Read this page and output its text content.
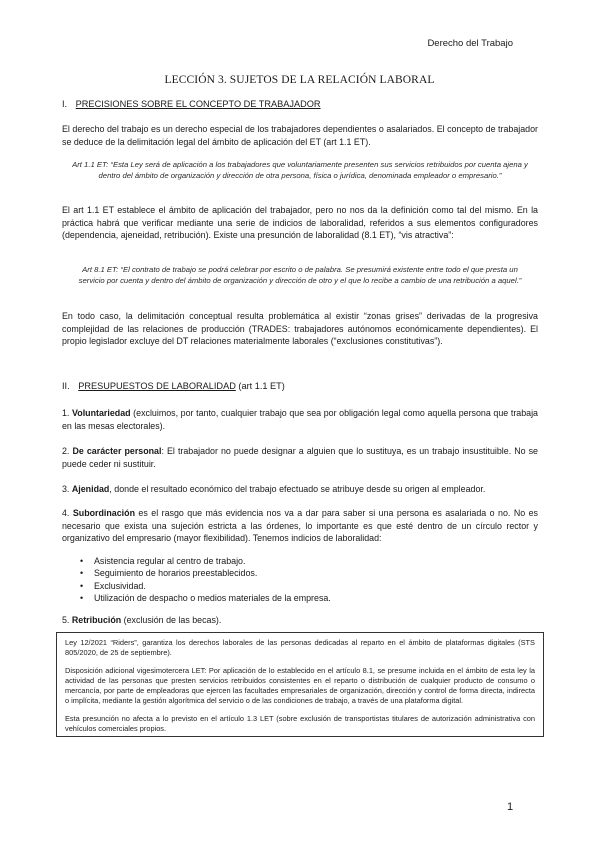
Derecho del Trabajo
LECCIÓN 3. SUJETOS DE LA RELACIÓN LABORAL
I. PRECISIONES SOBRE EL CONCEPTO DE TRABAJADOR

El derecho del trabajo es un derecho especial de los trabajadores dependientes o asalariados. El concepto de trabajador se deduce de la delimitación legal del ámbito de aplicación del ET (art 1.1 ET).

Art 1.1 ET: “Esta Ley será de aplicación a los trabajadores que voluntariamente presenten sus servicios retribuidos por cuenta ajena y dentro del ámbito de organización y dirección de otra persona, física o jurídica, denominada empleador o empresario.”

El art 1.1 ET establece el ámbito de aplicación del trabajador, pero no nos da la definición como tal del mismo. En la práctica habrá que verificar mediante una serie de indicios de laboralidad, referidos a sus elementos configuradores (dependencia, ajeneidad, retribución). Existe una presunción de laboralidad (8.1 ET), “vis atractiva”:

Art 8.1 ET: “El contrato de trabajo se podrá celebrar por escrito o de palabra. Se presumirá existente entre todo el que presta un servicio por cuenta y dentro del ámbito de organización y dirección de otro y el que lo recibe a cambio de una retribución a aquel.”

En todo caso, la delimitación conceptual resulta problemática al existir “zonas grises” derivadas de la progresiva complejidad de las relaciones de producción (TRADES: trabajadores autónomos económicamente dependientes). El propio legislador excluye del DT relaciones materialmente laborales (“exclusiones constitutivas”).

II. PRESUPUESTOS DE LABORALIDAD (art 1.1 ET)

1. Voluntariedad (excluimos, por tanto, cualquier trabajo que sea por obligación legal como aquella persona que trabaja en las mesas electorales).

2. De carácter personal: El trabajador no puede designar a alguien que lo sustituya, es un trabajo insustituible. No se puede ceder ni sustituir.

3. Ajenidad, donde el resultado económico del trabajo efectuado se atribuye desde su origen al empleador.

4. Subordinación es el rasgo que más evidencia nos va a dar para saber si una persona es asalariada o no. No es necesario que exista una sujeción estricta a las órdenes, lo importante es que esté dentro de un círculo rector y organizativo del empresario (mayor flexibilidad). Tenemos indicios de laboralidad:

• Asistencia regular al centro de trabajo.
• Seguimiento de horarios preestablecidos.
• Exclusividad.
• Utilización de despacho o medios materiales de la empresa.

5. Retribución (exclusión de las becas).

Ley 12/2021 “Riders”, garantiza los derechos laborales de las personas dedicadas al reparto en el ámbito de plataformas digitales (STS 805/2020, de 25 de septiembre).

Disposición adicional vigesimotercera LET: Por aplicación de lo establecido en el artículo 8.1, se presume incluida en el ámbito de esta ley la actividad de las personas que presten servicios retribuidos consistentes en el reparto o distribución de cualquier producto de consumo o mercancía, por parte de empleadoras que ejercen las facultades empresariales de organización, dirección y control de forma directa, indirecta o implícita, mediante la gestión algorítmica del servicio o de las condiciones de trabajo, a través de una plataforma digital.

Esta presunción no afecta a lo previsto en el artículo 1.3 LET (sobre exclusión de transportistas titulares de autorización administrativa con vehículos comerciales propios.

1
